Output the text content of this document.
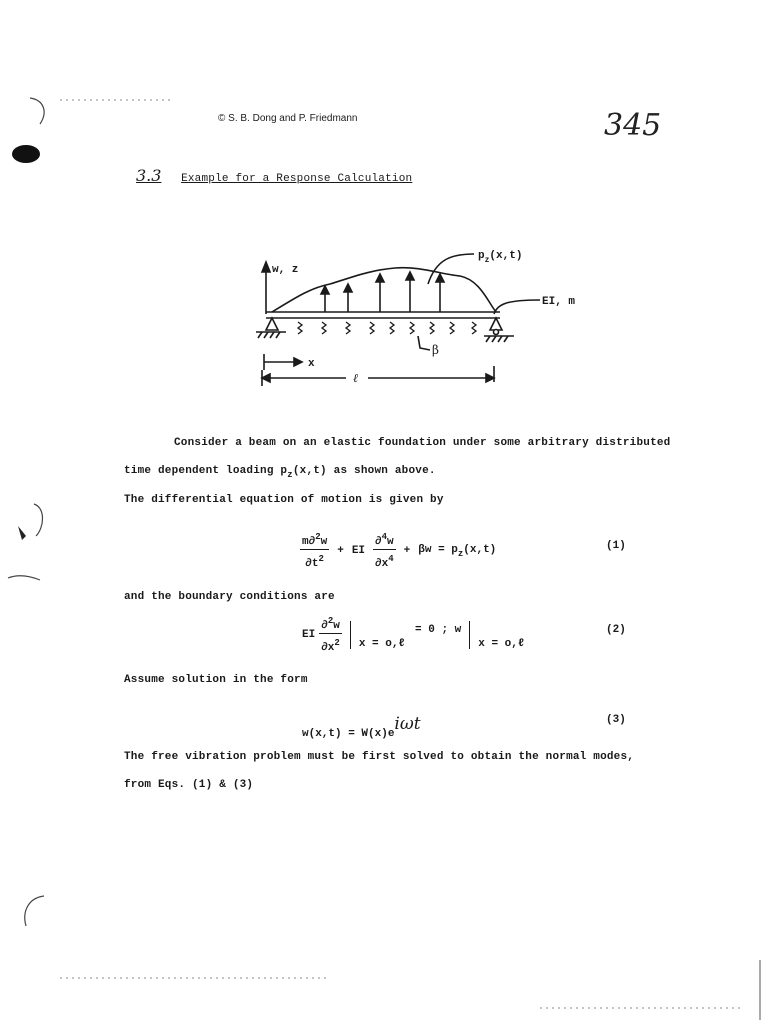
© S. B. Dong and P. Friedmann	345
3.3 Example for a Response Calculation
$p_z(x,t)$
w, z
EI, m
β
x
ℓ
Consider a beam on an elastic foundation under some arbitrary distributed
time dependent loading $p_z(x,t)$ as shown above.
The differential equation of motion is given by
$\frac{m\partial^2w}{\partial t^2}$ + EI $\frac{\partial^4w}{\partial x^4} + \beta w = p_z(x,t)$	(1)
and the boundary conditions are
EI $\frac{\partial^2w}{\partial x^2}$ x = o,ℓ
= 0 ; w
x = o,ℓ
(2)
Assume solution in the form
w(x,t) = W(x)eiωt	(3)
The free vibration problem must be first solved to obtain the normal modes,
from Eqs. (1) & (3)
